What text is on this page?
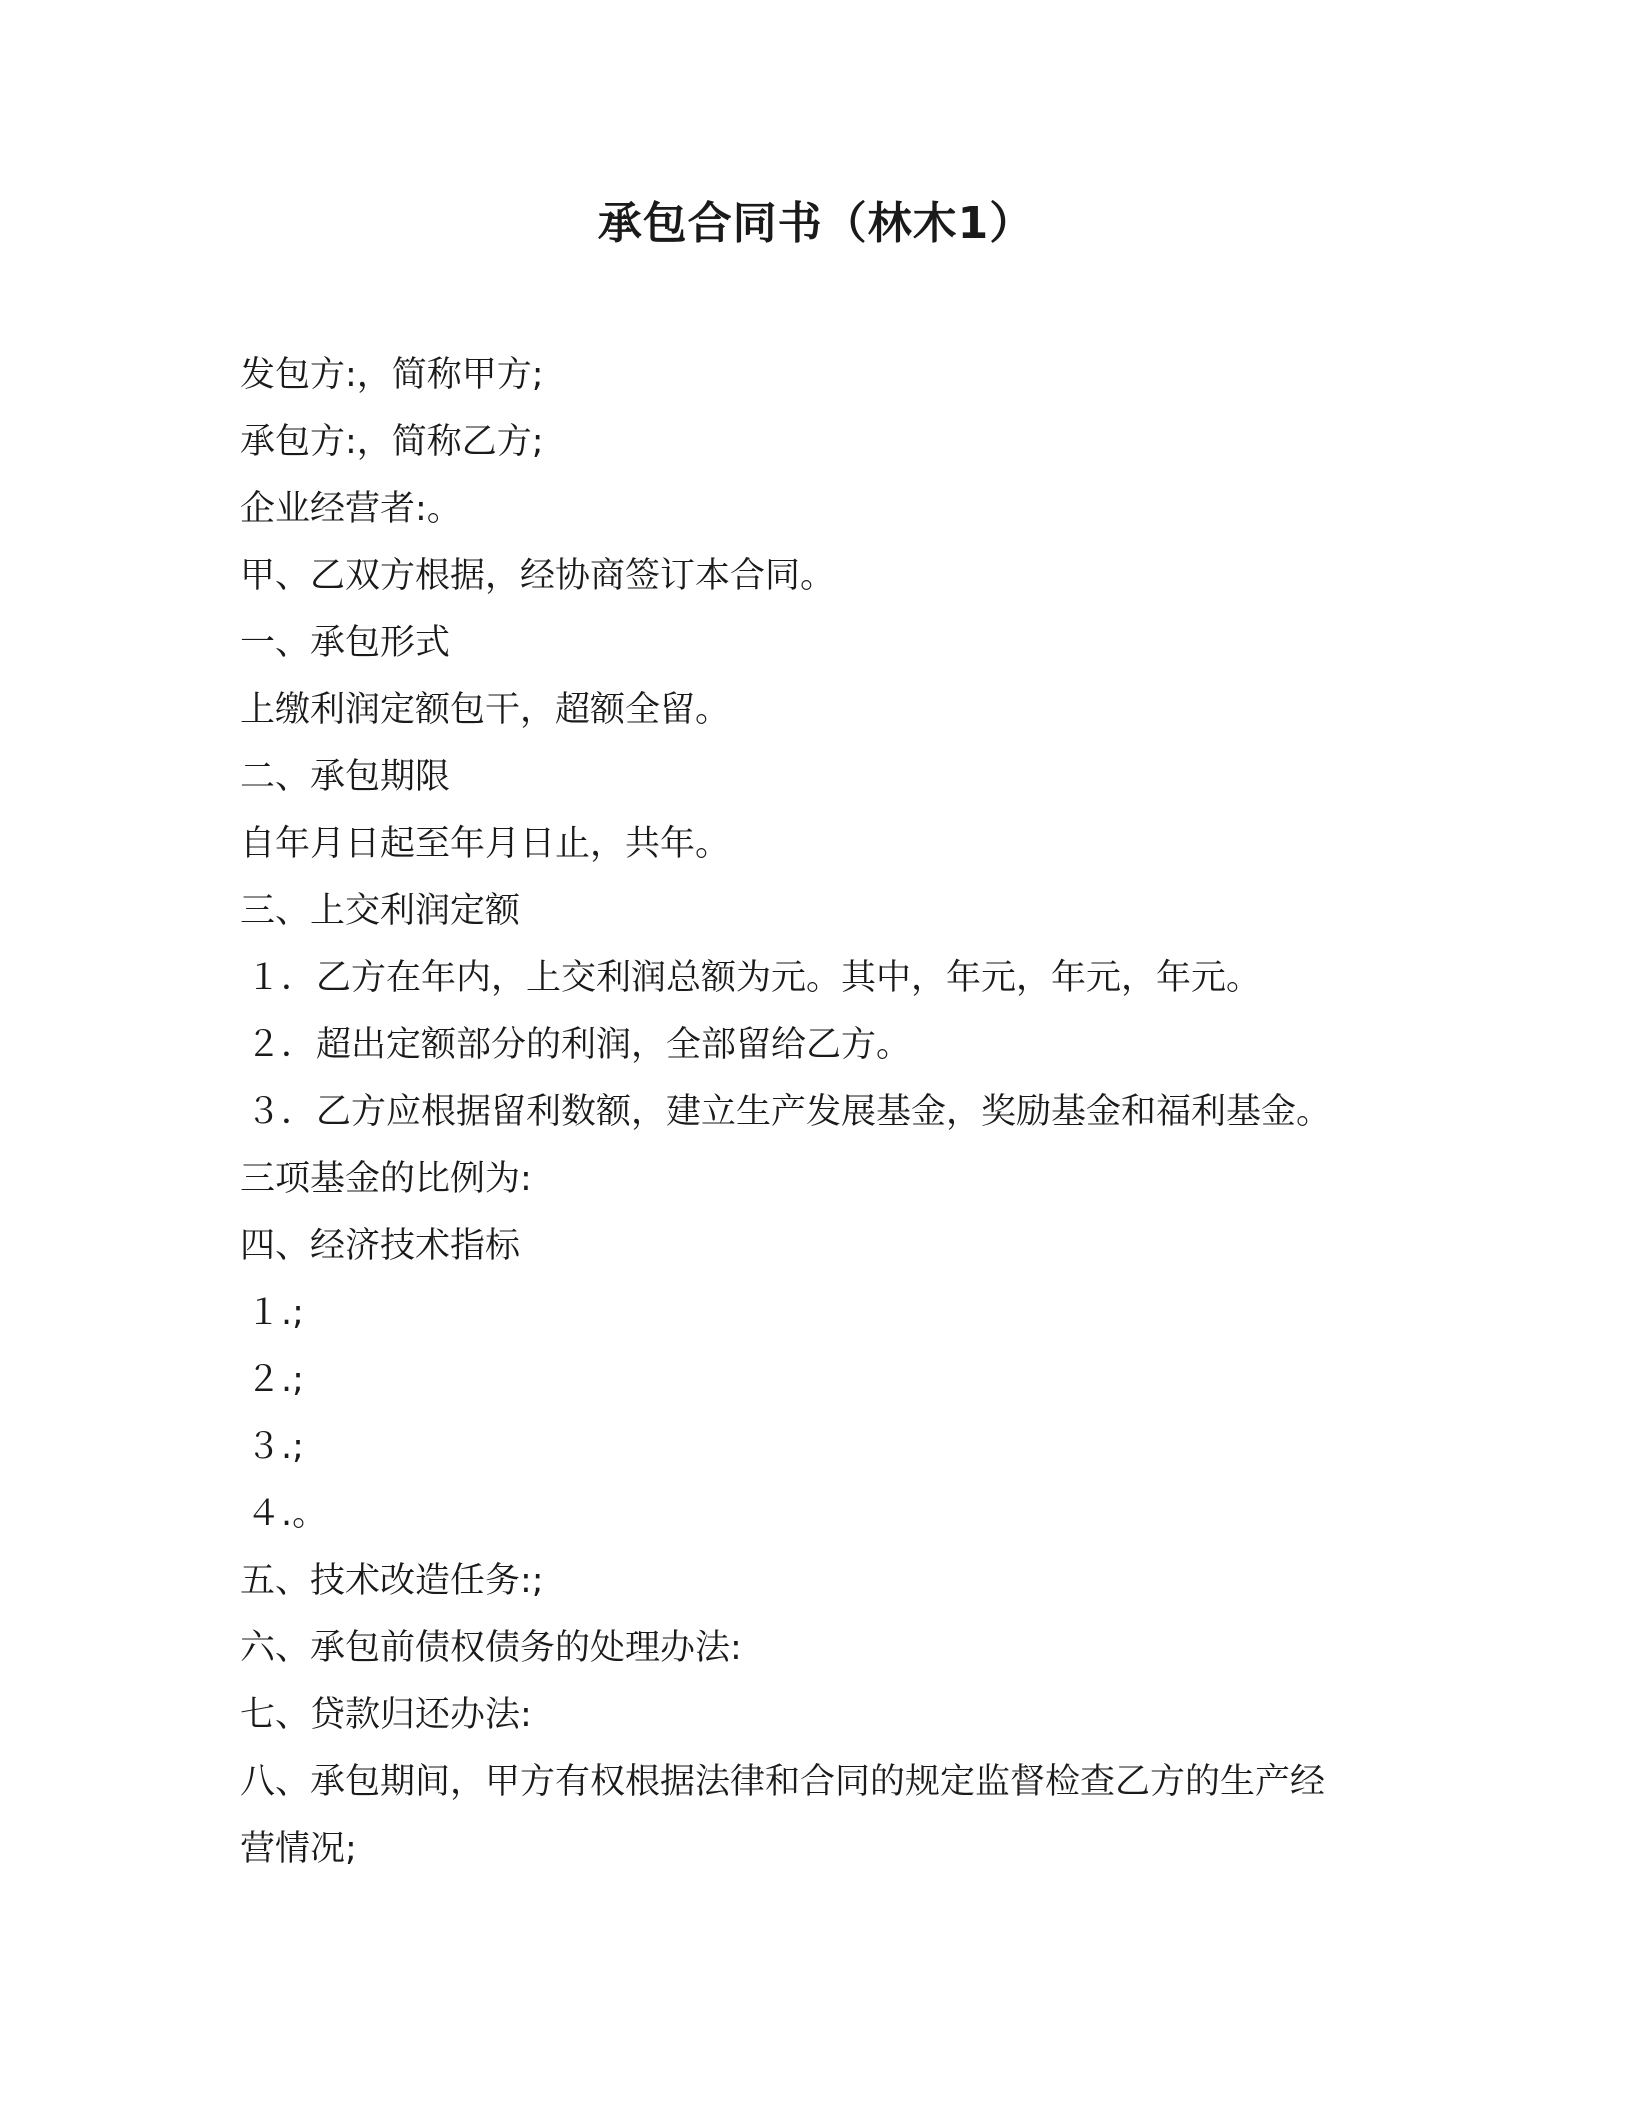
承包合同书（林木1）

发包方:，简称甲方;

承包方:，简称乙方;

企业经营者:。

甲、乙双方根据，经协商签订本合同。

一、承包形式

上缴利润定额包干，超额全留。

二、承包期限

自年月日起至年月日止，共年。

三、上交利润定额

１．乙方在年内，上交利润总额为元。其中，年元，年元，年元。

２．超出定额部分的利润，全部留给乙方。

３．乙方应根据留利数额，建立生产发展基金，奖励基金和福利基金。

三项基金的比例为:

四、经济技术指标

１.;

２.;

３.;

４.。

五、技术改造任务:;

六、承包前债权债务的处理办法:

七、贷款归还办法:

八、承包期间，甲方有权根据法律和合同的规定监督检查乙方的生产经

营情况;
